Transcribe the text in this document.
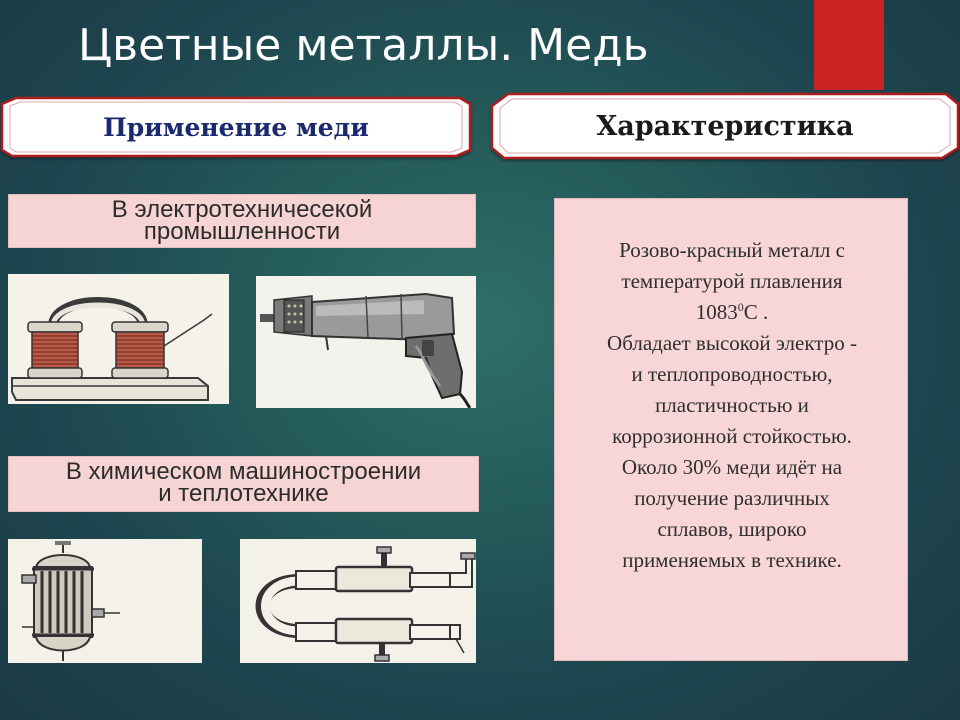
Цветные металлы. Медь
Применение меди	Характеристика
В электротехничесекой
промышленности
В химическом машиностроении
и теплотехнике
Розово-красный металл с
температурой плавления
1083$^0$С .
Обладает высокой электро -
и теплопроводностью,
пластичностью и
коррозионной стойкостью.
Около 30% меди идёт на
получение различных
сплавов, широко
применяемых в технике.
